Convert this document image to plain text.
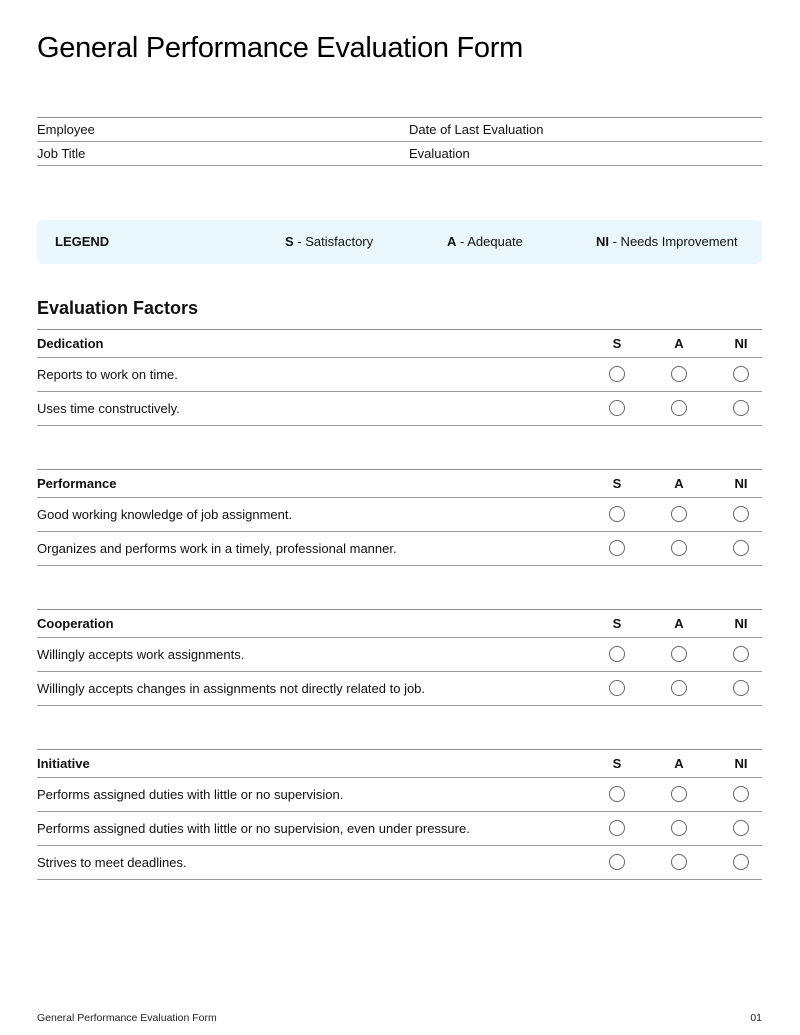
General Performance Evaluation Form
Employee	Date of Last Evaluation
Job Title	Evaluation
LEGEND	S - Satisfactory	A - Adequate	NI - Needs Improvement
Evaluation Factors
Dedication	S	A	NI
Reports to work on time.
Uses time constructively.
Performance	S	A	NI
Good working knowledge of job assignment.
Organizes and performs work in a timely, professional manner.
Cooperation	S	A	NI
Willingly accepts work assignments.
Willingly accepts changes in assignments not directly related to job.
Initiative	S	A	NI
Performs assigned duties with little or no supervision.
Performs assigned duties with little or no supervision, even under pressure.
Strives to meet deadlines.
General Performance Evaluation Form	01
